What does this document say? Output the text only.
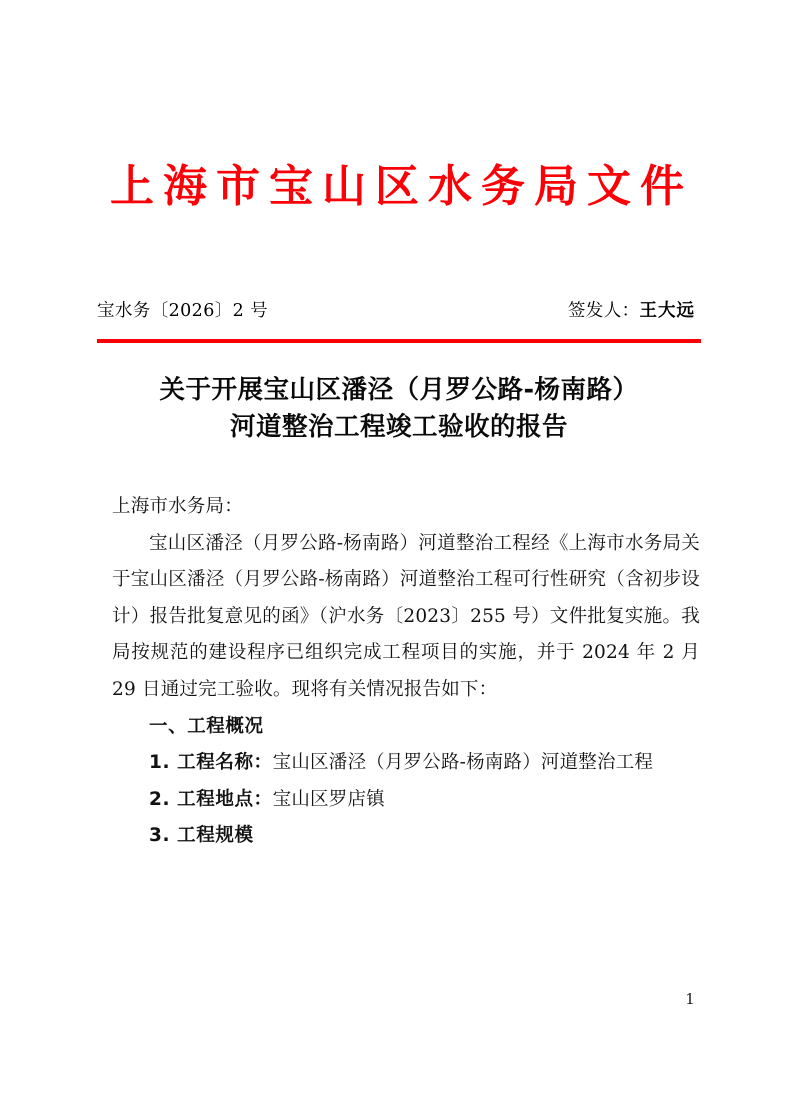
上海市宝山区水务局文件
宝水务〔2026〕2 号	签发人：王大远
关于开展宝山区潘泾（月罗公路-杨南路）
河道整治工程竣工验收的报告
上海市水务局：
宝山区潘泾（月罗公路-杨南路）河道整治工程经《上海市水务局关于宝山区潘泾（月罗公路-杨南路）河道整治工程可行性研究（含初步设计）报告批复意见的函》（沪水务〔2023〕255 号）文件批复实施。我局按规范的建设程序已组织完成工程项目的实施，并于 2024 年 2 月 29 日通过完工验收。现将有关情况报告如下：
一、工程概况
1. 工程名称：宝山区潘泾（月罗公路-杨南路）河道整治工程
2. 工程地点：宝山区罗店镇
3. 工程规模
1
